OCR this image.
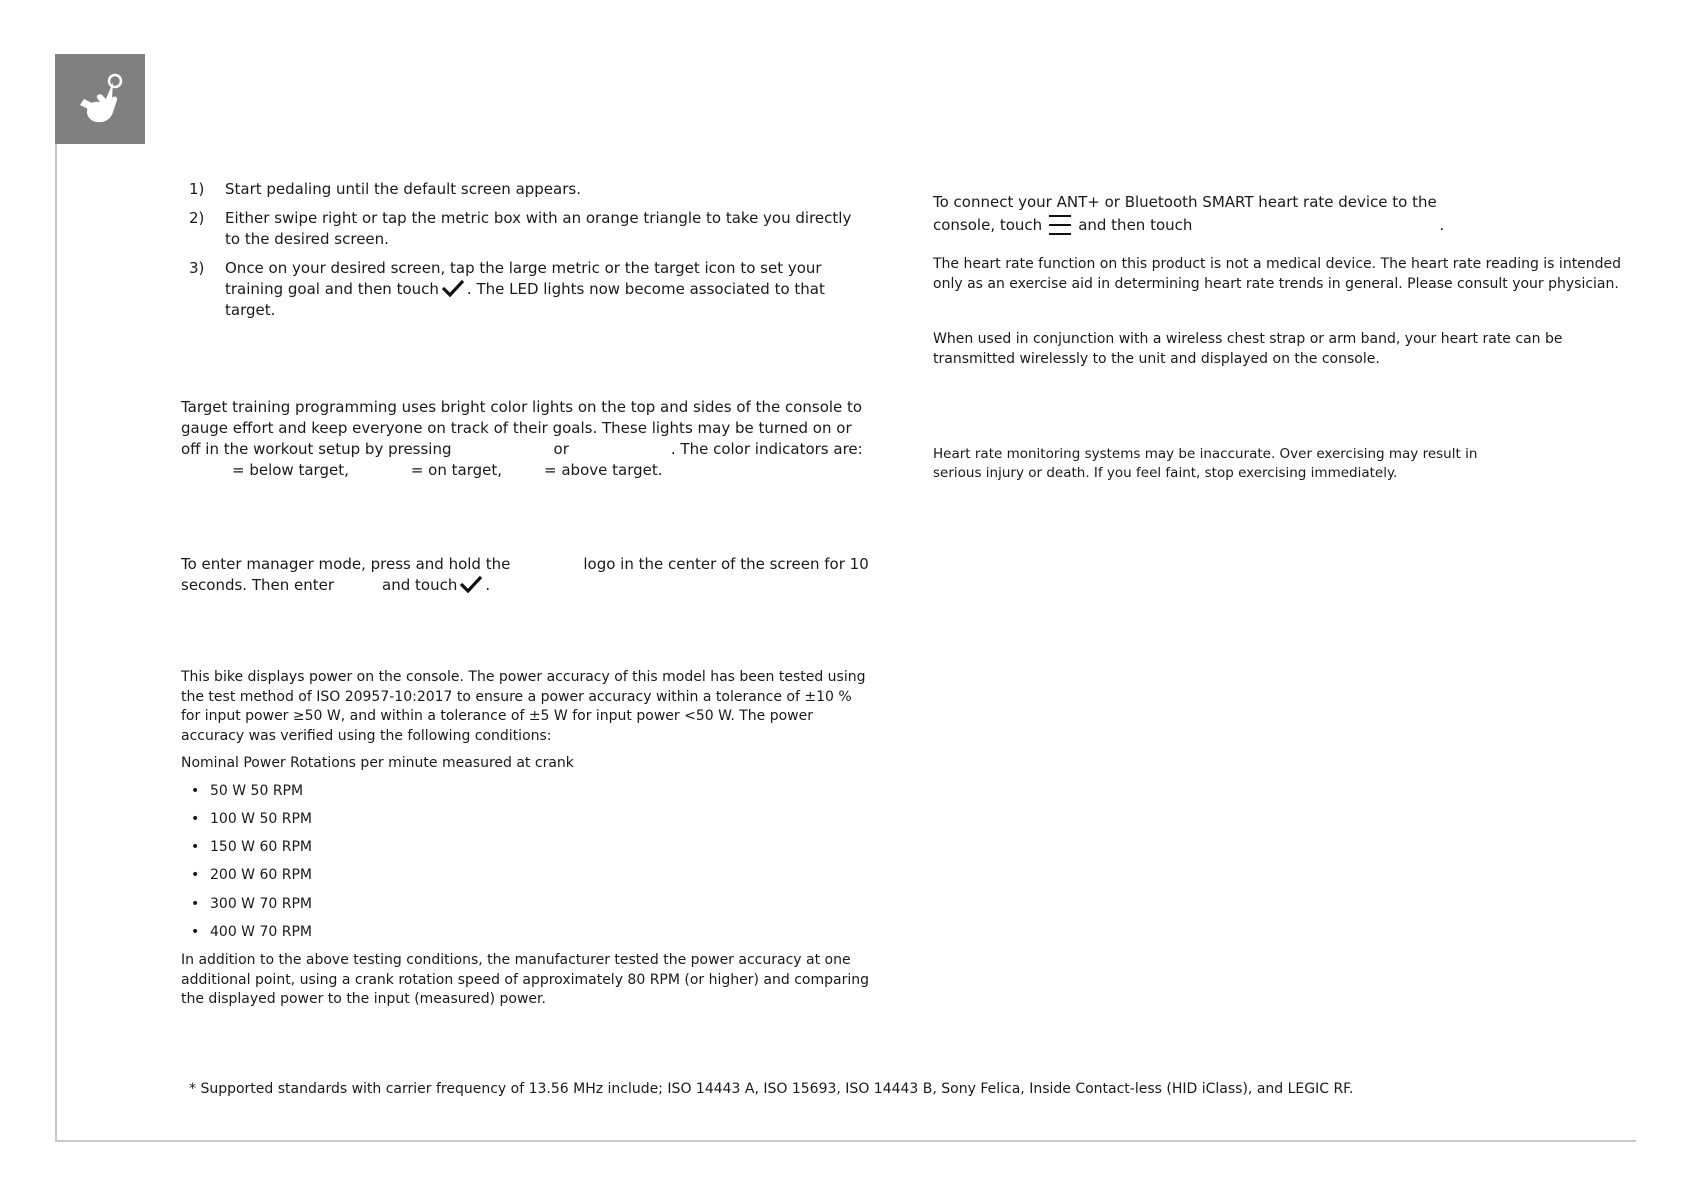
1) Start pedaling until the default screen appears.
2) Either swipe right or tap the metric box with an orange triangle to take you directly to the desired screen.
3) Once on your desired screen, tap the large metric or the target icon to set your training goal and then touch . The LED lights now become associated to that target.
Target training programming uses bright color lights on the top and sides of the console to gauge effort and keep everyone on track of their goals. These lights may be turned on or off in the workout setup by pressing	or	. The color indicators are:= below target,	= on target,	= above target.
To enter manager mode, press and hold the	logo in the center of the screen for 10 seconds. Then enter	and touch .
This bike displays power on the console. The power accuracy of this model has been tested using the test method of ISO 20957-10:2017 to ensure a power accuracy within a tolerance of ±10 % for input power ≥50 W, and within a tolerance of ±5 W for input power <50 W. The power accuracy was verified using the following conditions:
Nominal Power Rotations per minute measured at crank
• 50 W 50 RPM
• 100 W 50 RPM
• 150 W 60 RPM
• 200 W 60 RPM
• 300 W 70 RPM
• 400 W 70 RPM
In addition to the above testing conditions, the manufacturer tested the power accuracy at one additional point, using a crank rotation speed of approximately 80 RPM (or higher) and comparing the displayed power to the input (measured) power.
To connect your ANT+ or Bluetooth SMART heart rate device to the console, touch and then touch	.
The heart rate function on this product is not a medical device. The heart rate reading is intended only as an exercise aid in determining heart rate trends in general. Please consult your physician.
When used in conjunction with a wireless chest strap or arm band, your heart rate can be transmitted wirelessly to the unit and displayed on the console.
Heart rate monitoring systems may be inaccurate. Over exercising may result in serious injury or death. If you feel faint, stop exercising immediately.
* Supported standards with carrier frequency of 13.56 MHz include; ISO 14443 A, ISO 15693, ISO 14443 B, Sony Felica, Inside Contact-less (HID iClass), and LEGIC RF.
